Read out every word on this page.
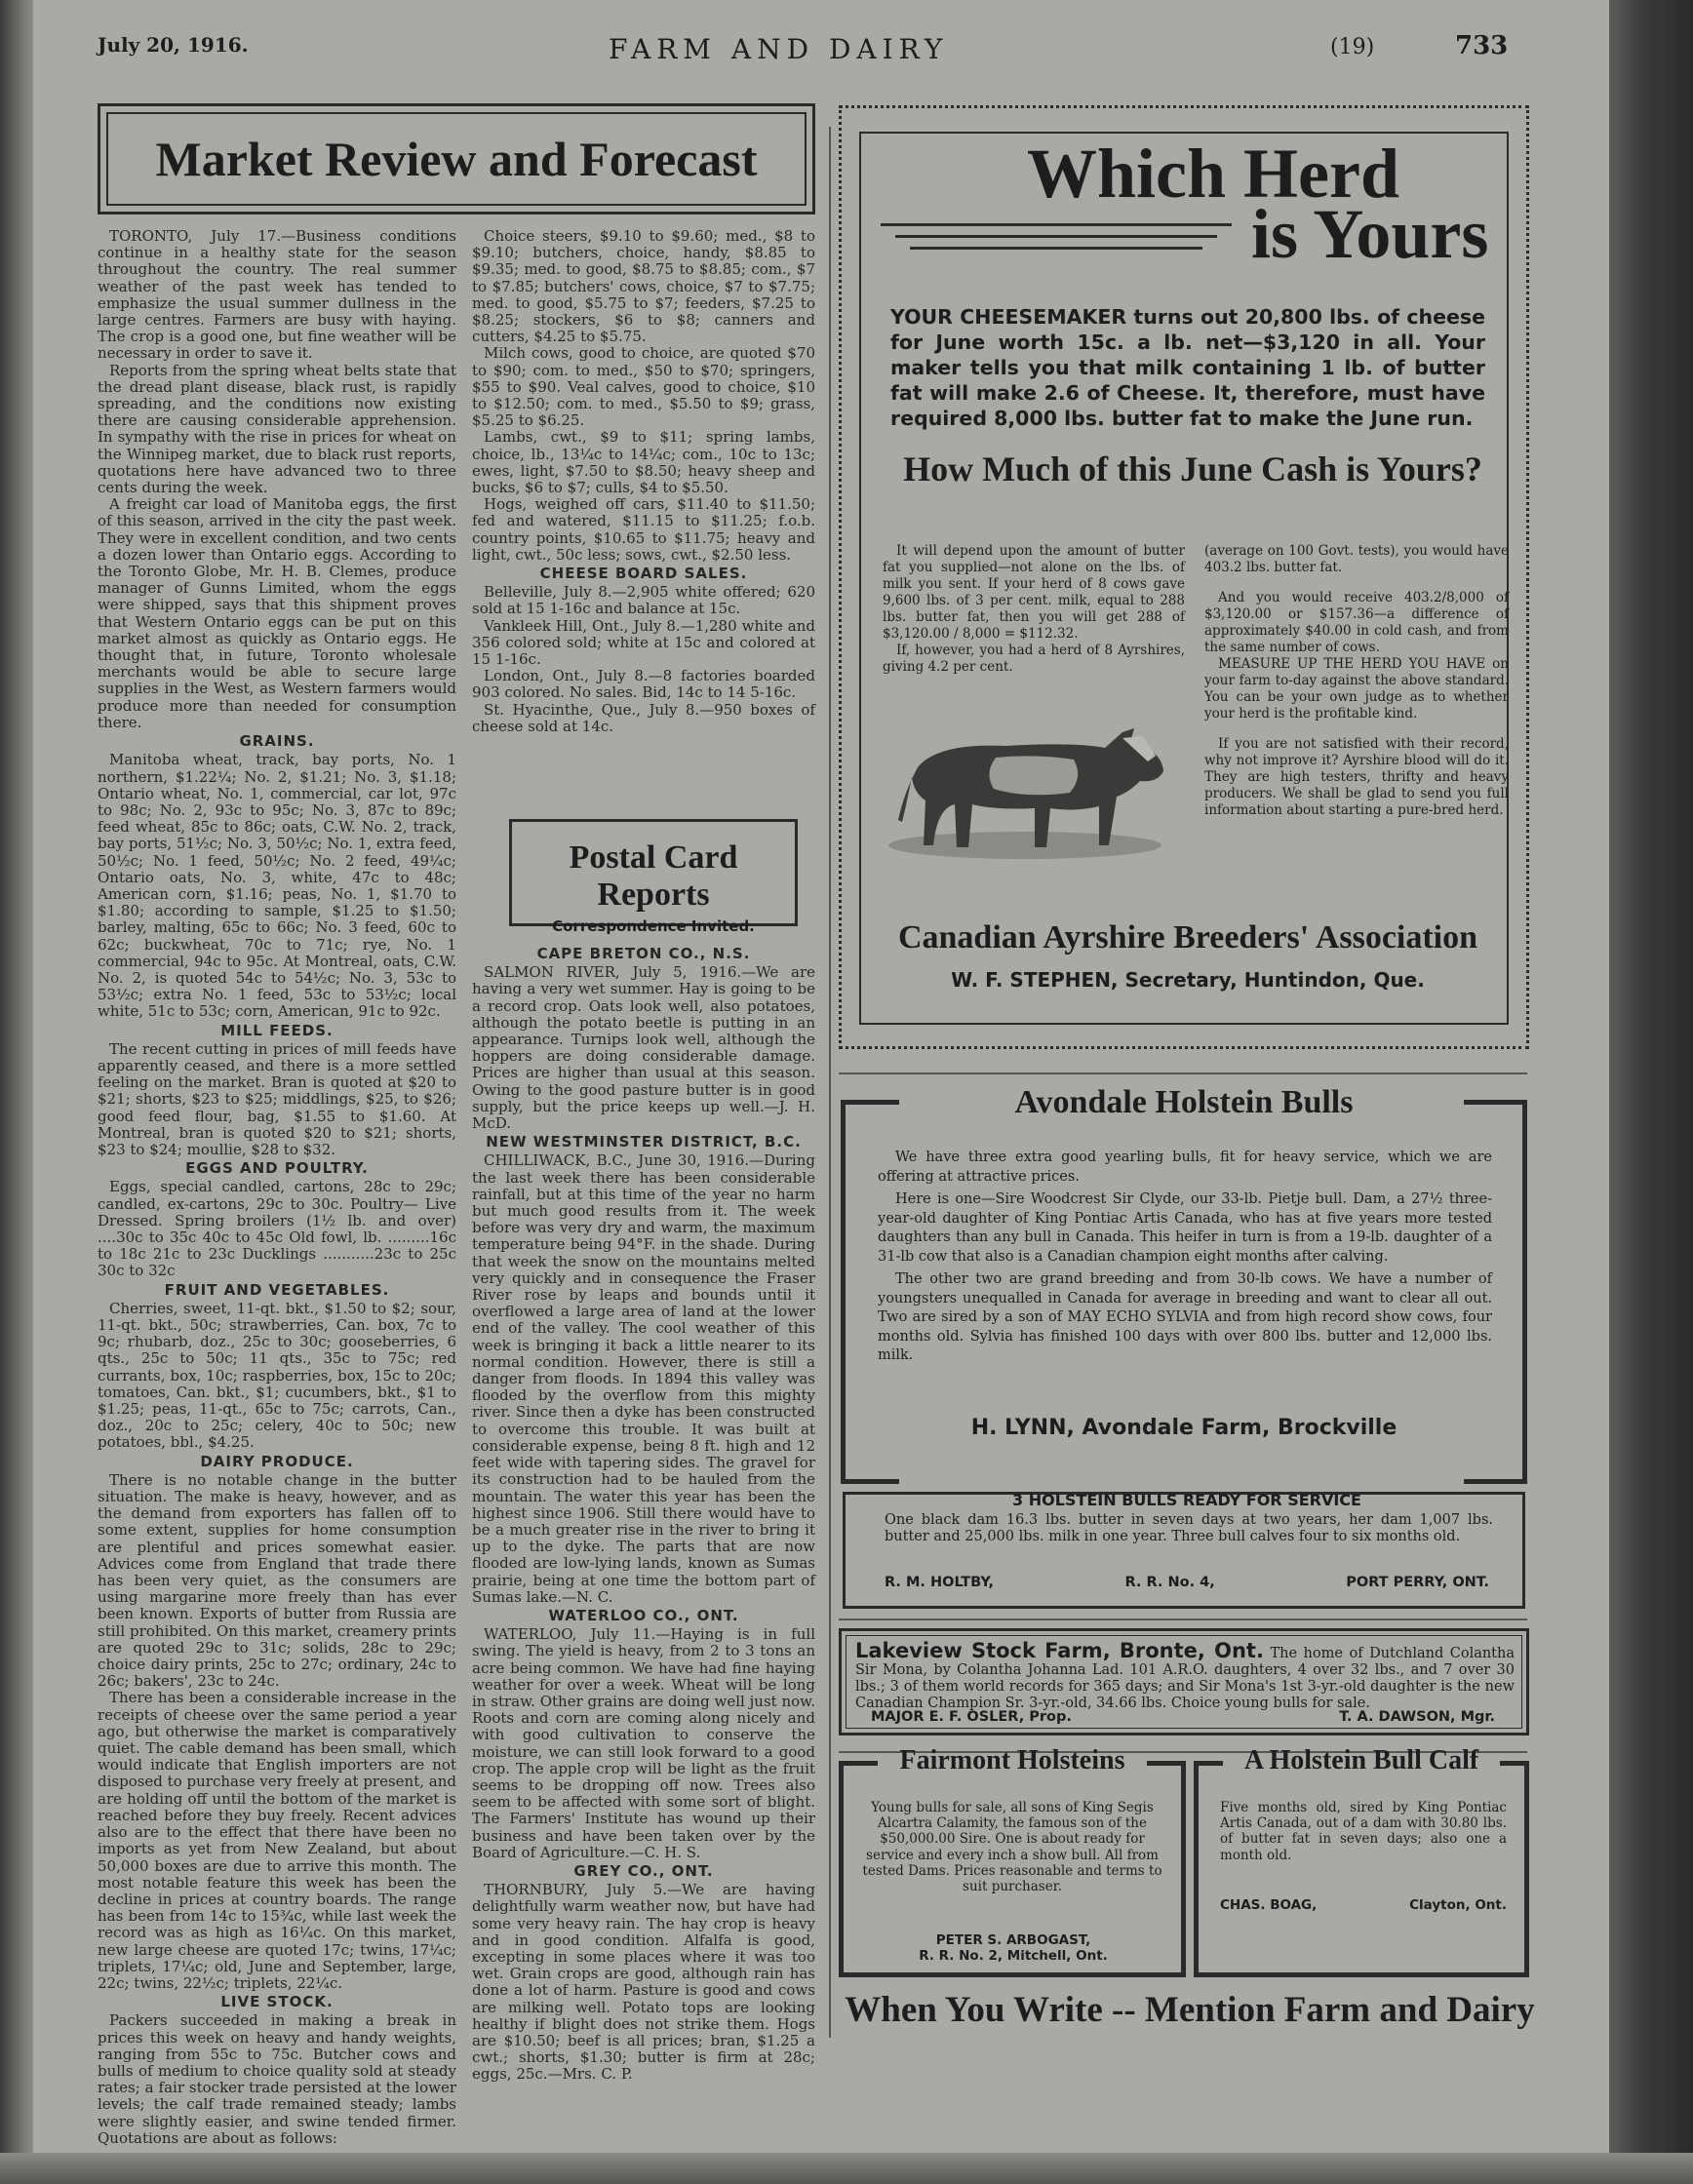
July 20, 1916.	FARM AND DAIRY	(19)	733
Market Review and Forecast

TORONTO, July 17.—Business conditions continue in a healthy state for the season throughout the country. The real summer weather of the past week has tended to emphasize the usual summer dullness in the large centres. Farmers are busy with haying. The crop is a good one, but fine weather will be necessary in order to save it.

Reports from the spring wheat belts state that the dread plant disease, black rust, is rapidly spreading, and the conditions now existing there are causing considerable apprehension. In sympathy with the rise in prices for wheat on the Winnipeg market, due to black rust reports, quotations here have advanced two to three cents during the week.

A freight car load of Manitoba eggs, the first of this season, arrived in the city the past week. They were in excellent condition, and two cents a dozen lower than Ontario eggs. According to the Toronto Globe, Mr. H. B. Clemes, produce manager of Gunns Limited, whom the eggs were shipped, says that this shipment proves that Western Ontario eggs can be put on this market almost as quickly as Ontario eggs. He thought that, in future, Toronto wholesale merchants would be able to secure large supplies in the West, as Western farmers would produce more than needed for consumption there.

GRAINS.

Manitoba wheat, track, bay ports, No. 1 northern, $1.22¼; No. 2, $1.21; No. 3, $1.18; Ontario wheat, No. 1, commercial, car lot, 97c to 98c; No. 2, 93c to 95c; No. 3, 87c to 89c; feed wheat, 85c to 86c; oats, C.W. No. 2, track, bay ports, 51½c; No. 3, 50½c; No. 1, extra feed, 50½c; No. 1 feed, 50½c; No. 2 feed, 49¼c; Ontario oats, No. 3, white, 47c to 48c; American corn, $1.16; peas, No. 1, $1.70 to $1.80; according to sample, $1.25 to $1.50; barley, malting, 65c to 66c; No. 3 feed, 60c to 62c; buckwheat, 70c to 71c; rye, No. 1 commercial, 94c to 95c. At Montreal, oats, C.W. No. 2, is quoted 54c to 54½c; No. 3, 53c to 53½c; extra No. 1 feed, 53c to 53½c; local white, 51c to 53c; corn, American, 91c to 92c.

MILL FEEDS.

The recent cutting in prices of mill feeds have apparently ceased, and there is a more settled feeling on the market. Bran is quoted at $20 to $21; shorts, $23 to $25; middlings, $25, to $26; good feed flour, bag, $1.55 to $1.60. At Montreal, bran is quoted $20 to $21; shorts, $23 to $24; moullie, $28 to $32.

EGGS AND POULTRY.

Eggs, special candled, cartons, 28c to 29c; candled, ex-cartons, 29c to 30c. Poultry— Live Dressed. Spring broilers (1½ lb. and over) ....30c to 35c 40c to 45c Old fowl, lb. .........16c to 18c 21c to 23c Ducklings ...........23c to 25c 30c to 32c

FRUIT AND VEGETABLES.

Cherries, sweet, 11-qt. bkt., $1.50 to $2; sour, 11-qt. bkt., 50c; strawberries, Can. box, 7c to 9c; rhubarb, doz., 25c to 30c; gooseberries, 6 qts., 25c to 50c; 11 qts., 35c to 75c; red currants, box, 10c; raspberries, box, 15c to 20c; tomatoes, Can. bkt., $1; cucumbers, bkt., $1 to $1.25; peas, 11-qt., 65c to 75c; carrots, Can., doz., 20c to 25c; celery, 40c to 50c; new potatoes, bbl., $4.25.

DAIRY PRODUCE.

There is no notable change in the butter situation. The make is heavy, however, and as the demand from exporters has fallen off to some extent, supplies for home consumption are plentiful and prices somewhat easier. Advices come from England that trade there has been very quiet, as the consumers are using margarine more freely than has ever been known. Exports of butter from Russia are still prohibited. On this market, creamery prints are quoted 29c to 31c; solids, 28c to 29c; choice dairy prints, 25c to 27c; ordinary, 24c to 26c; bakers', 23c to 24c.

There has been a considerable increase in the receipts of cheese over the same period a year ago, but otherwise the market is comparatively quiet. The cable demand has been small, which would indicate that English importers are not disposed to purchase very freely at present, and are holding off until the bottom of the market is reached before they buy freely. Recent advices also are to the effect that there have been no imports as yet from New Zealand, but about 50,000 boxes are due to arrive this month. The most notable feature this week has been the decline in prices at country boards. The range has been from 14c to 15¾c, while last week the record was as high as 16¼c. On this market, new large cheese are quoted 17c; twins, 17¼c; triplets, 17¼c; old, June and September, large, 22c; twins, 22½c; triplets, 22¼c.

LIVE STOCK.

Packers succeeded in making a break in prices this week on heavy and handy weights, ranging from 55c to 75c. Butcher cows and bulls of medium to choice quality sold at steady rates; a fair stocker trade persisted at the lower levels; the calf trade remained steady; lambs were slightly easier, and swine tended firmer. Quotations are about as follows:

Choice steers, $9.10 to $9.60; med., $8 to $9.10; butchers, choice, handy, $8.85 to $9.35; med. to good, $8.75 to $8.85; com., $7 to $7.85; butchers' cows, choice, $7 to $7.75; med. to good, $5.75 to $7; feeders, $7.25 to $8.25; stockers, $6 to $8; canners and cutters, $4.25 to $5.75.

Milch cows, good to choice, are quoted $70 to $90; com. to med., $50 to $70; springers, $55 to $90. Veal calves, good to choice, $10 to $12.50; com. to med., $5.50 to $9; grass, $5.25 to $6.25.

Lambs, cwt., $9 to $11; spring lambs, choice, lb., 13¼c to 14¼c; com., 10c to 13c; ewes, light, $7.50 to $8.50; heavy sheep and bucks, $6 to $7; culls, $4 to $5.50.

Hogs, weighed off cars, $11.40 to $11.50; fed and watered, $11.15 to $11.25; f.o.b. country points, $10.65 to $11.75; heavy and light, cwt., 50c less; sows, cwt., $2.50 less.

CHEESE BOARD SALES.

Belleville, July 8.—2,905 white offered; 620 sold at 15 1-16c and balance at 15c.

Vankleek Hill, Ont., July 8.—1,280 white and 356 colored sold; white at 15c and colored at 15 1-16c.

London, Ont., July 8.—8 factories boarded 903 colored. No sales. Bid, 14c to 14 5-16c.

St. Hyacinthe, Que., July 8.—950 boxes of cheese sold at 14c.

Postal Card Reports
Correspondence Invited.

CAPE BRETON CO., N.S.

SALMON RIVER, July 5, 1916.—We are having a very wet summer. Hay is going to be a record crop. Oats look well, also potatoes, although the potato beetle is putting in an appearance. Turnips look well, although the hoppers are doing considerable damage. Prices are higher than usual at this season. Owing to the good pasture butter is in good supply, but the price keeps up well.—J. H. McD.

NEW WESTMINSTER DISTRICT, B.C.

CHILLIWACK, B.C., June 30, 1916.—During the last week there has been considerable rainfall, but at this time of the year no harm but much good results from it. The week before was very dry and warm, the maximum temperature being 94°F. in the shade. During that week the snow on the mountains melted very quickly and in consequence the Fraser River rose by leaps and bounds until it overflowed a large area of land at the lower end of the valley. The cool weather of this week is bringing it back a little nearer to its normal condition. However, there is still a danger from floods. In 1894 this valley was flooded by the overflow from this mighty river. Since then a dyke has been constructed to overcome this trouble. It was built at considerable expense, being 8 ft. high and 12 feet wide with tapering sides. The gravel for its construction had to be hauled from the mountain. The water this year has been the highest since 1906. Still there would have to be a much greater rise in the river to bring it up to the dyke. The parts that are now flooded are low-lying lands, known as Sumas prairie, being at one time the bottom part of Sumas lake.—N. C.

WATERLOO CO., ONT.

WATERLOO, July 11.—Haying is in full swing. The yield is heavy, from 2 to 3 tons an acre being common. We have had fine haying weather for over a week. Wheat will be long in straw. Other grains are doing well just now. Roots and corn are coming along nicely and with good cultivation to conserve the moisture, we can still look forward to a good crop. The apple crop will be light as the fruit seems to be dropping off now. Trees also seem to be affected with some sort of blight. The Farmers' Institute has wound up their business and have been taken over by the Board of Agriculture.—C. H. S.

GREY CO., ONT.

THORNBURY, July 5.—We are having delightfully warm weather now, but have had some very heavy rain. The hay crop is heavy and in good condition. Alfalfa is good, excepting in some places where it was too wet. Grain crops are good, although rain has done a lot of harm. Pasture is good and cows are milking well. Potato tops are looking healthy if blight does not strike them. Hogs are $10.50; beef is all prices; bran, $1.25 a cwt.; shorts, $1.30; butter is firm at 28c; eggs, 25c.—Mrs. C. P.

Which Herd
is Yours
YOUR CHEESEMAKER turns out 20,800 lbs. of cheese for June worth 15c. a lb. net—$3,120 in all. Your maker tells you that milk containing 1 lb. of butter fat will make 2.6 of Cheese. It, therefore, must have required 8,000 lbs. butter fat to make the June run.
How Much of this June Cash is Yours?

It will depend upon the amount of butter fat you supplied—not alone on the lbs. of milk you sent. If your herd of 8 cows gave 9,600 lbs. of 3 per cent. milk, equal to 288 lbs. butter fat, then you will get 288 of $3,120.00 / 8,000 = $112.32.

If, however, you had a herd of 8 Ayrshires, giving 4.2 per cent.

(average on 100 Govt. tests), you would have 403.2 lbs. butter fat.

And you would receive 403.2/8,000 of $3,120.00 or $157.36—a difference of approximately $40.00 in cold cash, and from the same number of cows.

MEASURE UP THE HERD YOU HAVE on your farm to-day against the above standard. You can be your own judge as to whether your herd is the profitable kind.

If you are not satisfied with their record, why not improve it? Ayrshire blood will do it. They are high testers, thrifty and heavy producers. We shall be glad to send you full information about starting a pure-bred herd.

Canadian Ayrshire Breeders' Association
W. F. STEPHEN, Secretary, Huntindon, Que.
Avondale Holstein Bulls

We have three extra good yearling bulls, fit for heavy service, which we are offering at attractive prices.

Here is one—Sire Woodcrest Sir Clyde, our 33-lb. Pietje bull. Dam, a 27½ three-year-old daughter of King Pontiac Artis Canada, who has at five years more tested daughters than any bull in Canada. This heifer in turn is from a 19-lb. daughter of a 31-lb cow that also is a Canadian champion eight months after calving.

The other two are grand breeding and from 30-lb cows. We have a number of youngsters unequalled in Canada for average in breeding and want to clear all out. Two are sired by a son of MAY ECHO SYLVIA and from high record show cows, four months old. Sylvia has finished 100 days with over 800 lbs. butter and 12,000 lbs. milk.

H. LYNN, Avondale Farm, Brockville
3 HOLSTEIN BULLS READY FOR SERVICE
One black dam 16.3 lbs. butter in seven days at two years, her dam 1,007 lbs. butter and 25,000 lbs. milk in one year. Three bull calves four to six months old.
R. M. HOLTBY,	R. R. No. 4,	PORT PERRY, ONT.
Lakeview Stock Farm, Bronte, Ont. The home of Dutchland Colantha Sir Mona, by Colantha Johanna Lad. 101 A.R.O. daughters, 4 over 32 lbs., and 7 over 30 lbs.; 3 of them world records for 365 days; and Sir Mona's 1st 3-yr.-old daughter is the new Canadian Champion Sr. 3-yr.-old, 34.66 lbs. Choice young bulls for sale.
MAJOR E. F. OSLER, Prop.	T. A. DAWSON, Mgr.
Fairmont Holsteins
Young bulls for sale, all sons of King Segis Alcartra Calamity, the famous son of the $50,000.00 Sire. One is about ready for service and every inch a show bull. All from tested Dams. Prices reasonable and terms to suit purchaser.
PETER S. ARBOGAST,
R. R. No. 2, Mitchell, Ont.
A Holstein Bull Calf
Five months old, sired by King Pontiac Artis Canada, out of a dam with 30.80 lbs. of butter fat in seven days; also one a month old.
CHAS. BOAG,	Clayton, Ont.
When You Write -- Mention Farm and Dairy
